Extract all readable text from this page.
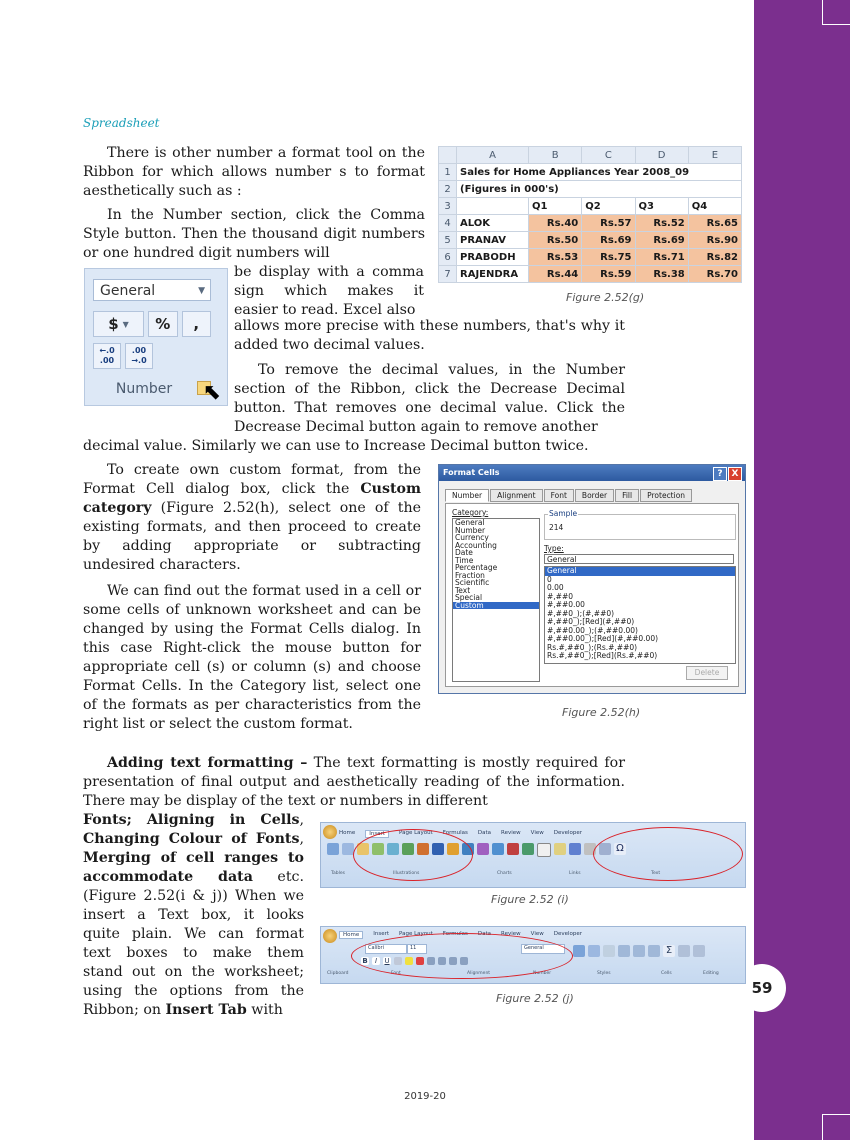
59
Spreadsheet

There is other number a format tool on the Ribbon for which allows number s to format aesthetically such as :

In the Number section, click the Comma Style button. Then the thousand digit numbers or one hundred digit numbers will

be display with a comma sign which makes it easier to read. Excel also

allows more precise with these numbers, that's why it added two decimal values.

To remove the decimal values, in the Number section of the Ribbon, click the Decrease Decimal button. That removes one decimal value. Click the Decrease Decimal button again to remove another

decimal value. Similarly we can use to Increase Decimal button twice.

To create own custom format, from the Format Cell dialog box, click the Custom category (Figure 2.52(h), select one of the existing formats, and then proceed to create by adding appropriate or subtracting undesired characters.

We can find out the format used in a cell or some cells of unknown worksheet and can be changed by using the Format Cells dialog. In this case Right-click the mouse button for appropriate cell (s) or column (s) and choose Format Cells. In the Category list, select one of the formats as per characteristics from the right list or select the custom format.

Adding text formatting – The text formatting is mostly required for presentation of final output and aesthetically reading of the information. There may be display of the text or numbers in different

Fonts; Aligning in Cells, Changing Colour of Fonts, Merging of cell ranges to accommodate data etc. (Figure 2.52(i & j)) When we insert a Text box, it looks quite plain. We can format text boxes to make them stand out on the worksheet; using the options from the Ribbon; on Insert Tab with

	A	B	C	D	E
1	Sales for Home Appliances Year 2008_09				
2	(Figures in 000's)				
3		Q1	Q2	Q3	Q4
4	ALOK	Rs.40	Rs.57	Rs.52	Rs.65
5	PRANAV	Rs.50	Rs.69	Rs.69	Rs.90
6	PRABODH	Rs.53	Rs.75	Rs.71	Rs.82
7	RAJENDRA	Rs.44	Rs.59	Rs.38	Rs.70
Figure 2.52(g)
General	▼
$ ▼ % ,
←.0 .00
.00 →.0
Number	⬉
Format Cells	? X
Number	Alignment	Font	Border	Fill	Protection
Category:
General
Number
Currency
Accounting
Date
Time
Percentage
Fraction
Scientific
Text
Special
Custom
Sample
214
Type:
General
General
0
0.00
#,##0
#,##0.00
#,##0_);(#,##0)
#,##0_);[Red](#,##0)
#,##0.00_);(#,##0.00)
#,##0.00_);[Red](#,##0.00)
Rs.#,##0_);(Rs.#,##0)
Rs.#,##0_);[Red](Rs.#,##0)
Delete
Figure 2.52(h)
Home	Insert	Page Layout Formulas Data Review View Developer
Ω
Tables	Illustrations	Charts	Links	Text
Figure 2.52 (i)
Home	Insert Page Layout Formulas Data Review View Developer
Calibri	11	General
B	I	U
Σ
Clipboard	Font	Alignment	Number	Styles	Cells	Editing
Figure 2.52 (j)
2019-20
